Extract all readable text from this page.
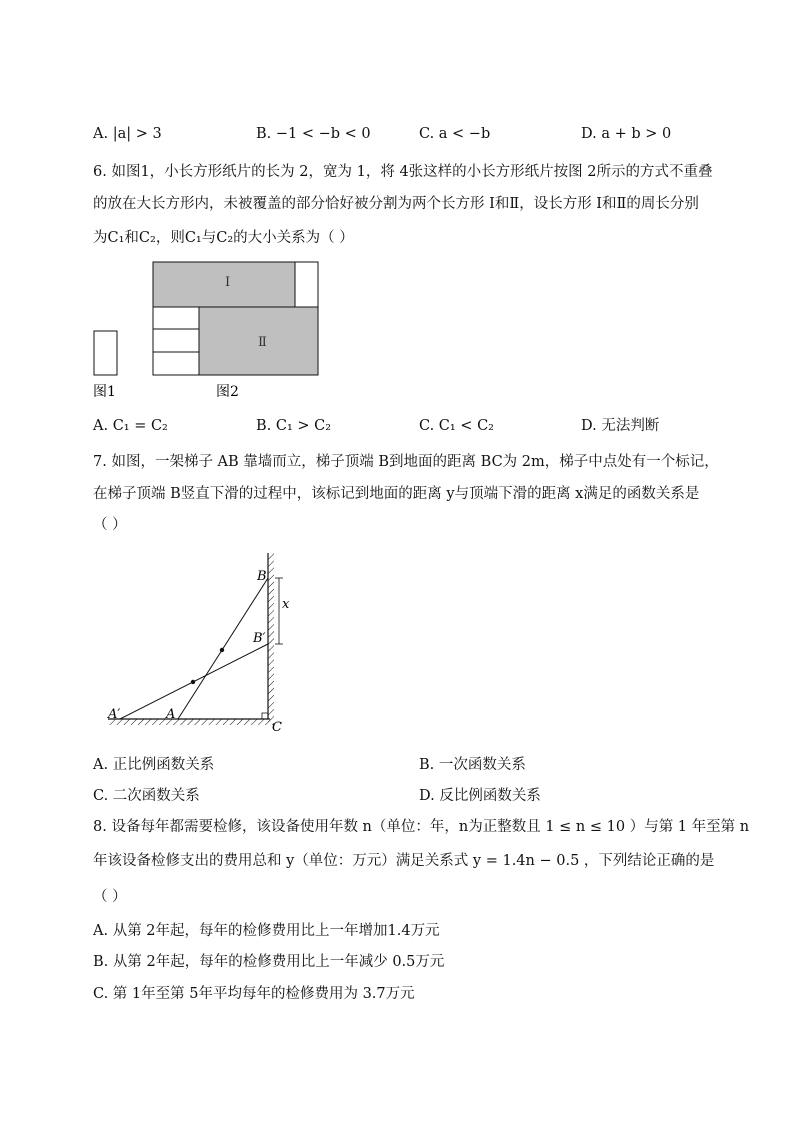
A. |a| > 3	B. −1 < −b < 0	C. a < −b	D. a + b > 0
6. 如图1，小长方形纸片的长为 2，宽为 1，将 4张这样的小长方形纸片按图 2所示的方式不重叠
的放在大长方形内，未被覆盖的部分恰好被分割为两个长方形 Ⅰ和Ⅱ，设长方形 Ⅰ和Ⅱ的周长分别
为C₁和C₂，则C₁与C₂的大小关系为（ ）
Ⅰ
Ⅱ
图1	图2
A. C₁ = C₂	B. C₁ > C₂	C. C₁ < C₂	D. 无法判断
7. 如图，一架梯子 AB 靠墙而立，梯子顶端 B到地面的距离 BC为 2m，梯子中点处有一个标记，
在梯子顶端 B竖直下滑的过程中，该标记到地面的距离 y与顶端下滑的距离 x满足的函数关系是
（ ）
B
B′
x
A′	A
C
A. 正比例函数关系	B. 一次函数关系
C. 二次函数关系	D. 反比例函数关系
8. 设备每年都需要检修，该设备使用年数 n（单位：年，n为正整数且 1 ≤ n ≤ 10 ）与第 1 年至第 n
年该设备检修支出的费用总和 y（单位：万元）满足关系式 y = 1.4n − 0.5 ，下列结论正确的是
（ ）
A. 从第 2年起，每年的检修费用比上一年增加1.4万元
B. 从第 2年起，每年的检修费用比上一年减少 0.5万元
C. 第 1年至第 5年平均每年的检修费用为 3.7万元
